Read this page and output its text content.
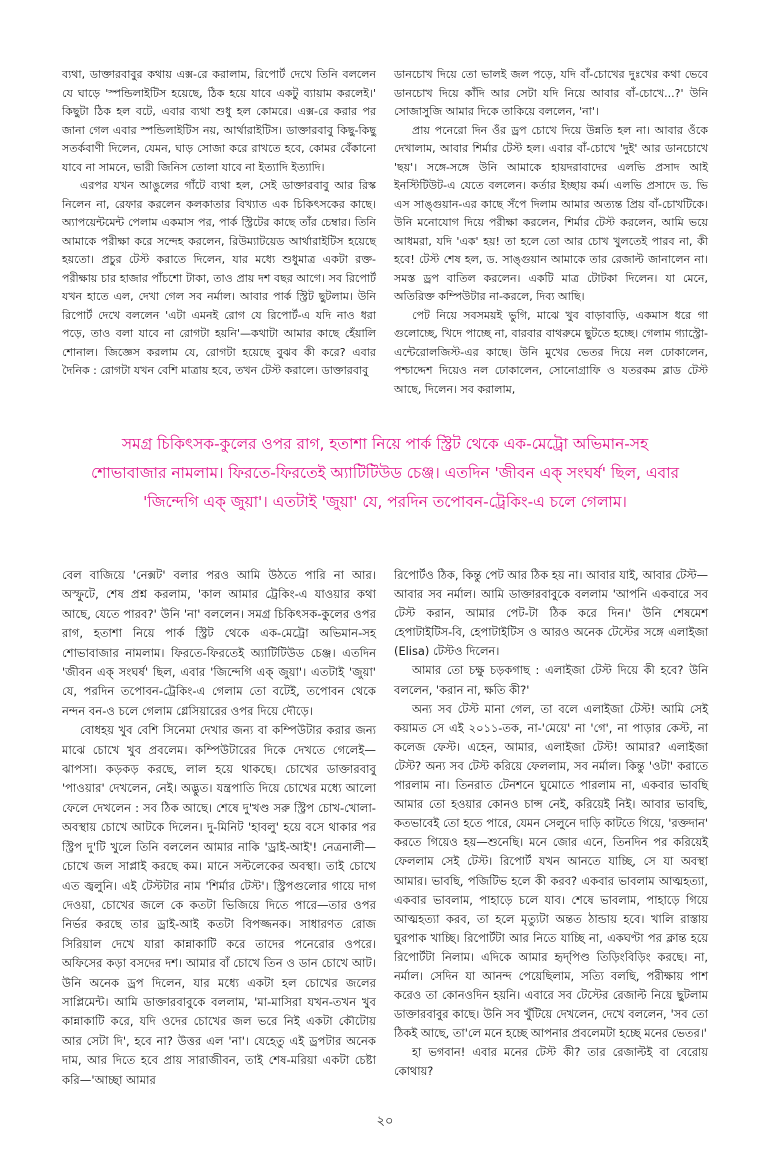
ব্যথা, ডাক্তারবাবুর কথায় এক্স-রে করালাম, রিপোর্ট দেখে তিনি বললেন যে ঘাড়ে 'স্পন্ডিলাইটিস হয়েছে, ঠিক হয়ে যাবে একটু ব্যায়াম করলেই।' কিছুটা ঠিক হল বটে, এবার ব্যথা শুধু হল কোমরে। এক্স-রে করার পর জানা গেল এবার স্পন্ডিলাইটিস নয়, আর্থারাইটিস। ডাক্তারবাবু কিছু-কিছু সতর্কবাণী দিলেন, যেমন, ঘাড় সোজা করে রাখতে হবে, কোমর বেঁকানো যাবে না সামনে, ভারী জিনিস তোলা যাবে না ইত্যাদি ইত্যাদি।

এরপর যখন আঙুলের গাঁটে ব্যথা হল, সেই ডাক্তারবাবু আর রিস্ক নিলেন না, রেফার করলেন কলকাতার বিখ্যাত এক চিকিৎসকের কাছে। অ্যাপয়েন্টমেন্ট পেলাম একমাস পর, পার্ক স্ট্রিটের কাছে তাঁর চেম্বার। তিনি আমাকে পরীক্ষা করে সন্দেহ করলেন, রিউম্যাটয়েড আর্থারাইটিস হয়েছে হয়তো। প্রচুর টেস্ট করাতে দিলেন, যার মধ্যে শুধুমাত্র একটা রক্ত-পরীক্ষায় চার হাজার পাঁচশো টাকা, তাও প্রায় দশ বছর আগে। সব রিপোর্ট যখন হাতে এল, দেখা গেল সব নর্মাল। আবার পার্ক স্ট্রিট ছুটলাম। উনি রিপোর্ট দেখে বললেন 'এটা এমনই রোগ যে রিপোর্ট-এ যদি নাও ধরা পড়ে, তাও বলা যাবে না রোগটা হয়নি'—কথাটা আমার কাছে হেঁয়ালি শোনাল। জিজ্ঞেস করলাম যে, রোগটা হয়েছে বুঝব কী করে? এবার দৈনিক : রোগটা যখন বেশি মাত্রায় হবে, তখন টেস্ট করালে। ডাক্তারবাবু

ডানচোখ দিয়ে তো ভালই জল পড়ে, যদি বাঁ-চোখের দুঃখের কথা ভেবে ডানচোখ দিয়ে কাঁদি আর সেটা যদি নিয়ে আবার বাঁ-চোখে...?' উনি সোজাসুজি আমার দিকে তাকিয়ে বললেন, 'না'।

প্রায় পনেরো দিন ওঁর ড্রপ চোখে দিয়ে উন্নতি হল না। আবার ওঁকে দেখালাম, আবার শির্মার টেস্ট হল। এবার বাঁ-চোখে 'দুই' আর ডানচোখে 'ছয়'। সঙ্গে-সঙ্গে উনি আমাকে হায়দরাবাদের এলভি প্রসাদ আই ইনস্টিটিউট-এ যেতে বললেন। কর্তার ইচ্ছায় কর্ম। এলভি প্রসাদে ড. ভি এস সাঙ্গুয়ান-এর কাছে সঁপে দিলাম আমার অত্যন্ত প্রিয় বাঁ-চোখটিকে। উনি মনোযোগ দিয়ে পরীক্ষা করলেন, শির্মার টেস্ট করলেন, আমি ভয়ে আধমরা, যদি 'এক' হয়! তা হলে তো আর চোখ খুলতেই পারব না, কী হবে! টেস্ট শেষ হল, ড. সাঙ্গুয়ান আমাকে তার রেজাল্ট জানালেন না। সমস্ত ড্রপ বাতিল করলেন। একটি মাত্র টোটকা দিলেন। যা মেনে, অতিরিক্ত কম্পিউটার না-করলে, দিব্য আছি।

পেট নিয়ে সবসময়ই ভুগি, মাঝে খুব বাড়াবাড়ি, একমাস ধরে গা গুলোচ্ছে, খিদে পাচ্ছে না, বারবার বাথরুমে ছুটতে হচ্ছে। গেলাম গ্যাস্ট্রো-এন্টেরোলজিস্ট-এর কাছে। উনি মুখের ভেতর দিয়ে নল ঢোকালেন, পশ্চাদ্দেশ দিয়েও নল ঢোকালেন, সোনোগ্রাফি ও যতরকম ব্লাড টেস্ট আছে, দিলেন। সব করালাম,

সমগ্র চিকিৎসক-কুলের ওপর রাগ, হতাশা নিয়ে পার্ক স্ট্রিট থেকে এক-মেট্রো অভিমান-সহ
শোভাবাজার নামলাম। ফিরতে-ফিরতেই অ্যাটিটিউড চেঞ্জ। এতদিন 'জীবন এক্ সংঘর্ষ' ছিল, এবার
'জিন্দেগি এক্ জুয়া'। এতটাই 'জুয়া' যে, পরদিন তপোবন-ট্রেকিং-এ চলে গেলাম।

বেল বাজিয়ে 'নেক্সট' বলার পরও আমি উঠতে পারি না আর। অস্ফুটে, শেষ প্রশ্ন করলাম, 'কাল আমার ট্রেকিং-এ যাওয়ার কথা আছে, যেতে পারব?' উনি 'না' বললেন। সমগ্র চিকিৎসক-কুলের ওপর রাগ, হতাশা নিয়ে পার্ক স্ট্রিট থেকে এক-মেট্রো অভিমান-সহ শোভাবাজার নামলাম। ফিরতে-ফিরতেই অ্যাটিটিউড চেঞ্জ। এতদিন 'জীবন এক্ সংঘর্ষ' ছিল, এবার 'জিন্দেগি এক্ জুয়া'। এতটাই 'জুয়া' যে, পরদিন তপোবন-ট্রেকিং-এ গেলাম তো বটেই, তপোবন থেকে নন্দন বন-ও চলে গেলাম গ্লেসিয়ারের ওপর দিয়ে দৌড়ে।

বোধহয় খুব বেশি সিনেমা দেখার জন্য বা কম্পিউটার করার জন্য মাঝে চোখে খুব প্রবলেম। কম্পিউটারের দিকে দেখতে গেলেই—ঝাপসা। কড়কড় করছে, লাল হয়ে থাকছে। চোখের ডাক্তারবাবু 'পাওয়ার' দেখলেন, নেই। অদ্ভুত। যন্ত্রপাতি দিয়ে চোখের মধ্যে আলো ফেলে দেখলেন : সব ঠিক আছে। শেষে দু'খণ্ড সরু স্ট্রিপ চোখ-খোলা-অবস্থায় চোখে আটকে দিলেন। দু-মিনিট 'হাবলু' হয়ে বসে থাকার পর স্ট্রিপ দু'টি খুলে তিনি বললেন আমার নাকি 'ড্রাই-আই'! নেত্রনালী—চোখে জল সাপ্লাই করছে কম। মানে সল্টলেকের অবস্থা। তাই চোখে এত জ্বলুনি। এই টেস্টটার নাম 'শির্মার টেস্ট'। স্ট্রিপগুলোর গায়ে দাগ দেওয়া, চোখের জলে কে কতটা ভিজিয়ে দিতে পারে—তার ওপর নির্ভর করছে তার ড্রাই-আই কতটা বিপজ্জনক। সাধারণত রোজ সিরিয়াল দেখে যারা কান্নাকাটি করে তাদের পনেরোর ওপরে। অফিসের কড়া বসদের দশ। আমার বাঁ চোখে তিন ও ডান চোখে আট। উনি অনেক ড্রপ দিলেন, যার মধ্যে একটা হল চোখের জলের সাপ্লিমেন্ট। আমি ডাক্তারবাবুকে বললাম, 'মা-মাসিরা যখন-তখন খুব কান্নাকাটি করে, যদি ওদের চোখের জল ভরে নিই একটা কৌটোয় আর সেটা দি', হবে না? উত্তর এল 'না'। যেহেতু এই ড্রপটার অনেক দাম, আর দিতে হবে প্রায় সারাজীবন, তাই শেষ-মরিয়া একটা চেষ্টা করি—'আচ্ছা আমার

রিপোর্টও ঠিক, কিন্তু পেট আর ঠিক হয় না। আবার যাই, আবার টেস্ট—আবার সব নর্মাল। আমি ডাক্তারবাবুকে বললাম 'আপনি একবারে সব টেস্ট করান, আমার পেট-টা ঠিক করে দিন।' উনি শেষমেশ হেপাটাইটিস-বি, হেপাটাইটিস ও আরও অনেক টেস্টের সঙ্গে এলাইজা (Elisa) টেস্টও দিলেন।

আমার তো চক্ষু চড়কগাছ : এলাইজা টেস্ট দিয়ে কী হবে? উনি বললেন, 'করান না, ক্ষতি কী?'

অন্য সব টেস্ট মানা গেল, তা বলে এলাইজা টেস্ট! আমি সেই কয়ামত সে এই ২০১১-তক, না-'মেয়ে' না 'গে', না পাড়ার কেস্ট, না কলেজ ফেস্ট। এহেন, আমার, এলাইজা টেস্ট! আমার? এলাইজা টেস্ট? অন্য সব টেস্ট করিয়ে ফেললাম, সব নর্মাল। কিন্তু 'ওটা' করাতে পারলাম না। তিনরাত টেনশনে ঘুমোতে পারলাম না, একবার ভাবছি আমার তো হওয়ার কোনও চান্স নেই, করিয়েই নিই। আবার ভাবছি, কতভাবেই তো হতে পারে, যেমন সেলুনে দাড়ি কাটতে গিয়ে, 'রক্তদান' করতে গিয়েও হয়—শুনেছি। মনে জোর এনে, তিনদিন পর করিয়েই ফেললাম সেই টেস্ট। রিপোর্ট যখন আনতে যাচ্ছি, সে যা অবস্থা আমার। ভাবছি, পজিটিভ হলে কী করব? একবার ভাবলাম আত্মহত্যা, একবার ভাবলাম, পাহাড়ে চলে যাব। শেষে ভাবলাম, পাহাড়ে গিয়ে আত্মহত্যা করব, তা হলে মৃত্যুটা অন্তত ঠান্ডায় হবে। খালি রাস্তায় ঘুরপাক খাচ্ছি। রিপোর্টটা আর নিতে যাচ্ছি না, একঘণ্টা পর ক্লান্ত হয়ে রিপোর্টটা নিলাম। এদিকে আমার হৃদ্‌পিণ্ড তিড়িংবিড়িং করছে। না, নর্মাল। সেদিন যা আনন্দ পেয়েছিলাম, সত্যি বলছি, পরীক্ষায় পাশ করেও তা কোনওদিন হয়নি। এবারে সব টেস্টের রেজাল্ট নিয়ে ছুটলাম ডাক্তারবাবুর কাছে। উনি সব খুঁটিয়ে দেখলেন, দেখে বললেন, 'সব তো ঠিকই আছে, তা'লে মনে হচ্ছে আপনার প্রবলেমটা হচ্ছে মনের ভেতর।'

হা ভগবান! এবার মনের টেস্ট কী? তার রেজাল্টই বা বেরোয় কোথায়?

২০
